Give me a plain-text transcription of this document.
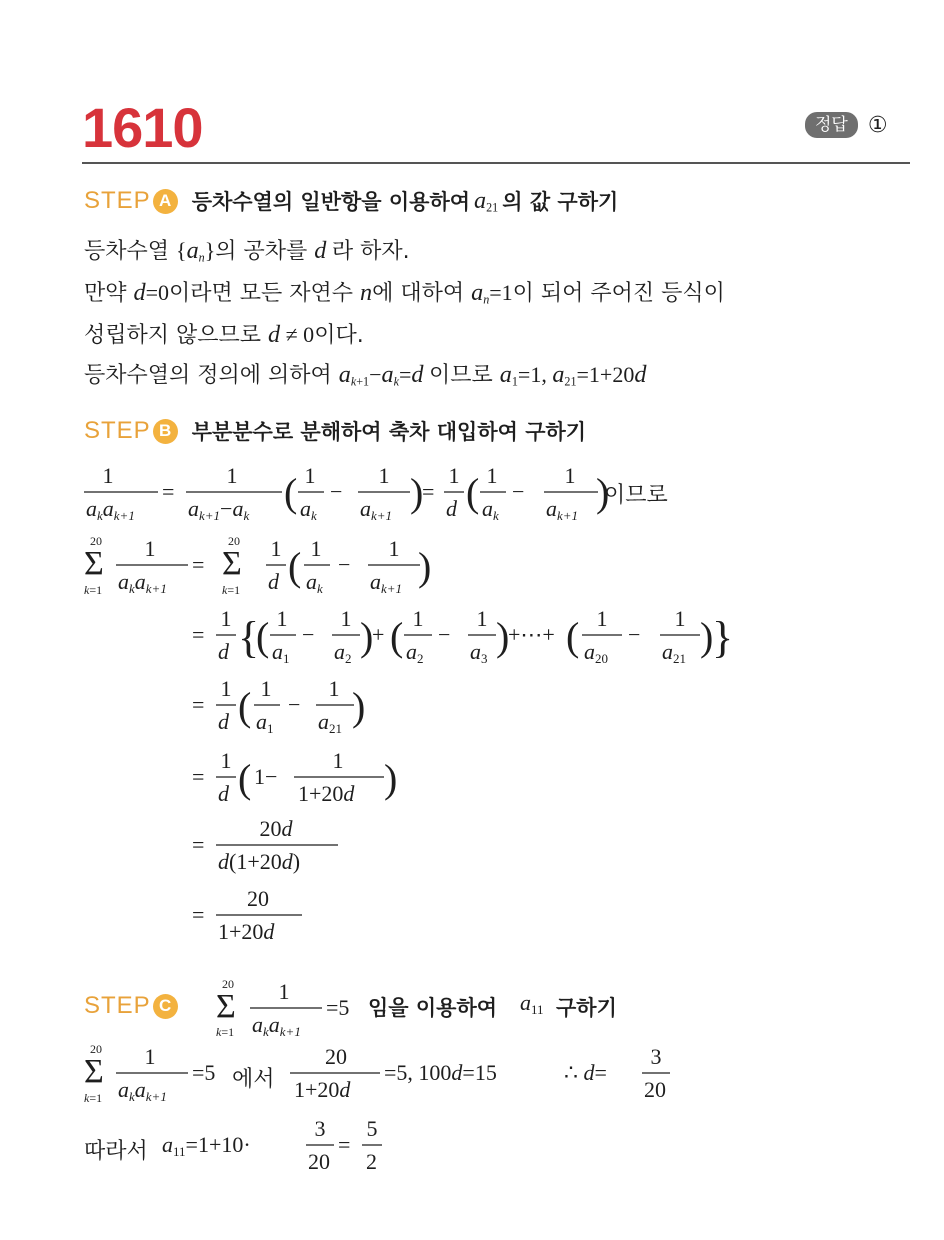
1610	정답 ①
STEP A 등차수열의 일반항을 이용하여 $a_{21}$ 의 값 구하기
등차수열 $\{a_n\}$의 공차를 d 라 하자.
만약 d=0이라면 모든 자연수 n에 대하여 $a_n=1$이 되어 주어진 등식이
성립하지 않으므로 d ≠ 0이다.
등차수열의 정의에 의하여 $a_{k+1}-a_k=d$ 이므로 $a_1=1$, $a_{21}=1+20d$
STEP B 부분분수로 분해하여 축차 대입하여 구하기
1
akak+1
=
1
ak+1−ak
( 1
ak
−
1
ak+1
)
=
1
d ( 1
ak
−
1
ak+1
)
20
Σ
k=1
1
akak+1
=
20
Σ
k=1
1
d ( 1
ak
−
1
ak+1 )
=
1
d {
( 1
a1
−
1
a2 )
+ ( 1
a2
−
1
a3 )
+⋯+ ( 1
a20
−
1
a21 )
}
=
1
d ( 1
a1
−
1
a21 )
=
1
d ( 1−
1
1+20d )
=
20d
d(1+20d)
=
20
1+20d
20
Σ
k=1
1
akak+1
=5	a11
20
Σ
k=1
1
akak+1
=5
20
1+20d
=5, 100d=15	∴ d=
3
20
a11=1+10·
3
20
=
5
2
이므로
STEP C	임을 이용하여	구하기
에서
따라서
